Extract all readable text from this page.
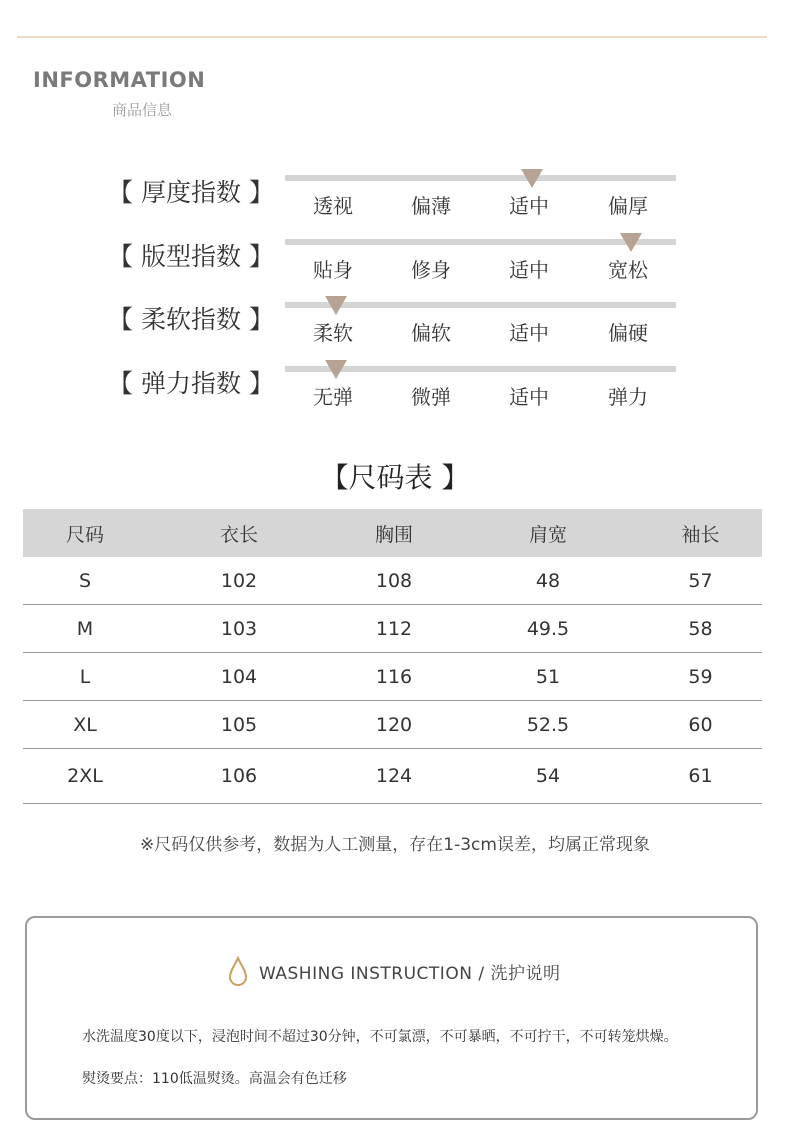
INFORMATION
商品信息
【 厚度指数 】	透视	偏薄	适中	偏厚
【 版型指数 】	贴身	修身	适中	宽松
【 柔软指数 】	柔软	偏软	适中	偏硬
【 弹力指数 】	无弹	微弹	适中	弹力
【尺码表 】
尺码	衣长	胸围	肩宽	袖长
S	102	108	48	57
M	103	112	49.5	58
L	104	116	51	59
XL	105	120	52.5	60
2XL	106	124	54	61
※尺码仅供参考，数据为人工测量，存在1-3cm误差，均属正常现象
WASHING INSTRUCTION / 洗护说明
水洗温度30度以下，浸泡时间不超过30分钟，不可氯漂，不可暴晒，不可拧干，不可转笼烘燥。
熨烫要点：110低温熨烫。高温会有色迁移
